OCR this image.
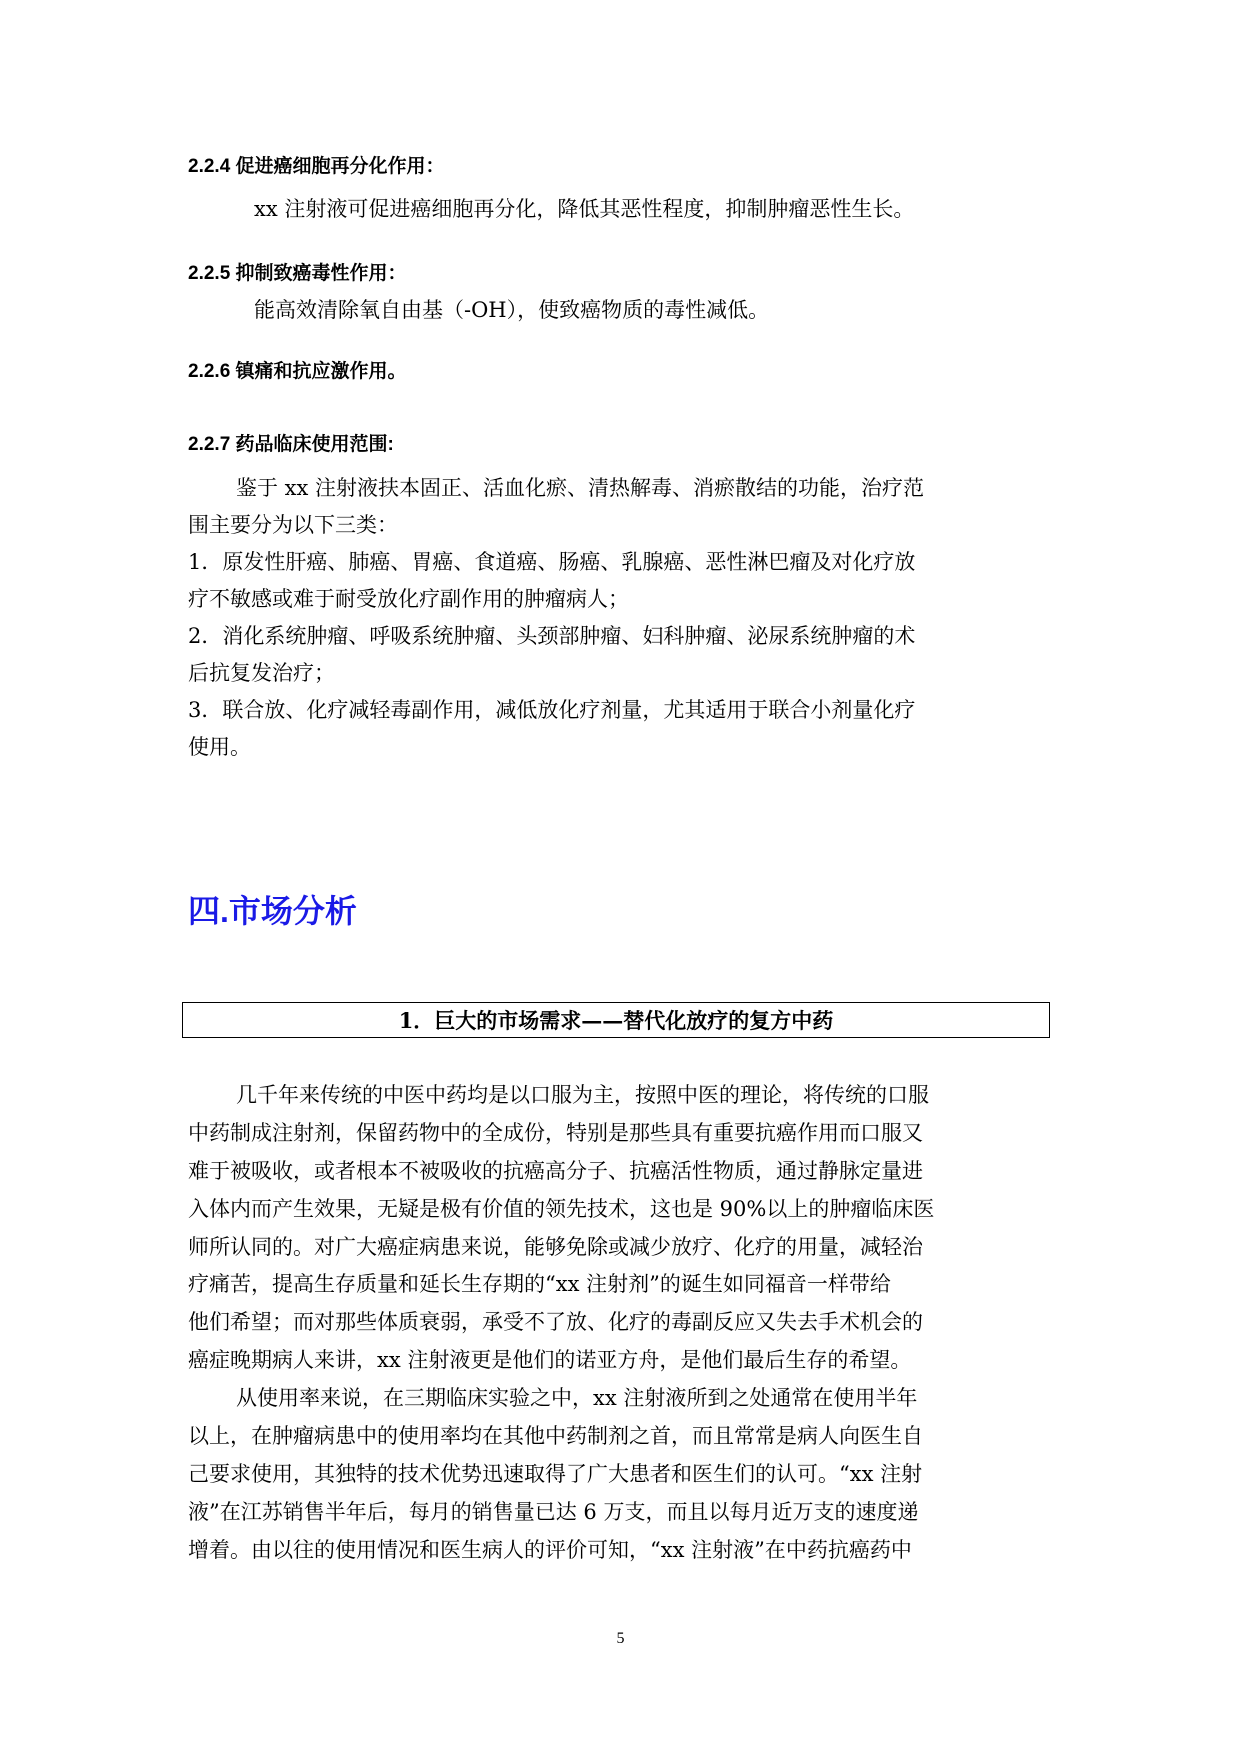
2.2.4 促进癌细胞再分化作用：
xx 注射液可促进癌细胞再分化，降低其恶性程度，抑制肿瘤恶性生长。
2.2.5 抑制致癌毒性作用：
能高效清除氧自由基（-OH），使致癌物质的毒性减低。
2.2.6 镇痛和抗应激作用。
2.2.7 药品临床使用范围:
鉴于 xx 注射液扶本固正、活血化瘀、清热解毒、消瘀散结的功能，治疗范
围主要分为以下三类：
1．原发性肝癌、肺癌、胃癌、食道癌、肠癌、乳腺癌、恶性淋巴瘤及对化疗放
疗不敏感或难于耐受放化疗副作用的肿瘤病人；
2．消化系统肿瘤、呼吸系统肿瘤、头颈部肿瘤、妇科肿瘤、泌尿系统肿瘤的术
后抗复发治疗；
3．联合放、化疗减轻毒副作用，减低放化疗剂量，尤其适用于联合小剂量化疗
使用。
四.市场分析
1．巨大的市场需求——替代化放疗的复方中药
几千年来传统的中医中药均是以口服为主，按照中医的理论，将传统的口服
中药制成注射剂，保留药物中的全成份，特别是那些具有重要抗癌作用而口服又
难于被吸收，或者根本不被吸收的抗癌高分子、抗癌活性物质，通过静脉定量进
入体内而产生效果，无疑是极有价值的领先技术，这也是 90%以上的肿瘤临床医
师所认同的。对广大癌症病患来说，能够免除或减少放疗、化疗的用量，减轻治
疗痛苦，提高生存质量和延长生存期的“xx 注射剂”的诞生如同福音一样带给
他们希望；而对那些体质衰弱，承受不了放、化疗的毒副反应又失去手术机会的
癌症晚期病人来讲，xx 注射液更是他们的诺亚方舟，是他们最后生存的希望。
从使用率来说，在三期临床实验之中，xx 注射液所到之处通常在使用半年
以上，在肿瘤病患中的使用率均在其他中药制剂之首，而且常常是病人向医生自
己要求使用，其独特的技术优势迅速取得了广大患者和医生们的认可。“xx 注射
液”在江苏销售半年后，每月的销售量已达 6 万支，而且以每月近万支的速度递
增着。由以往的使用情况和医生病人的评价可知，“xx 注射液”在中药抗癌药中
5
